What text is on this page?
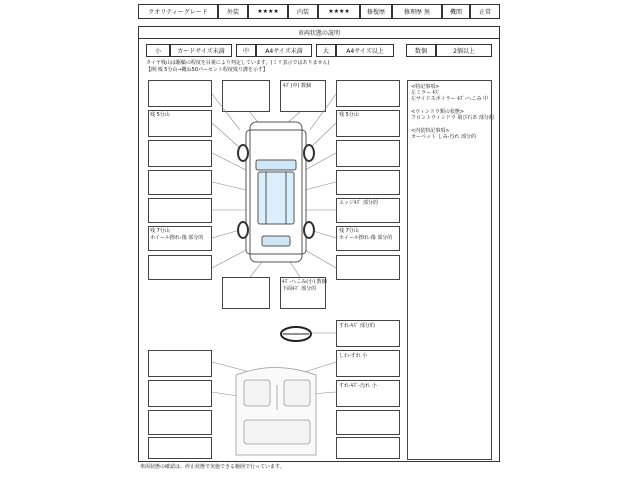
クオリティーグレード	外装	★★★★	内装	★★★★	修復歴	修理歴 無	機関	正常
車両状態の説明
小	カードサイズ未満	中	A4サイズ未満	大	A4サイズ以上	数個	2個以上
タイヤ残山は駆輪の程度を目視により判定しています。(ミリ表示ではありません)
【例:残 5分山→概ね50パーセント程度残り溝を示す】
<特記事項>
左ミラー ｷｽﾞ
左サイドスポイラー ｷｽﾞ-へこみ 中
<ウィンドウ類の状態>
フロントウィンドウ 飛び石あ 部分的
<内装特記事項>
カーペット しみ-汚れ 部分的
残 5分山
残 7分山
ホイール擦れ-傷 部分的
ｷｽﾞ(中) 数個
残 5分山
エッジｷｽﾞ 部分的
残 7分山
ホイール擦れ-傷 部分的
ｷｽﾞ-へこみ(小) 数個
下面ｷｽﾞ 部分的
すれ-ｷｽﾞ 部分的
しわ-すれ 小
すれ-ｷｽﾞ-汚れ 小
車両状態の確認は、停止状態で実施できる範囲で行っています。
